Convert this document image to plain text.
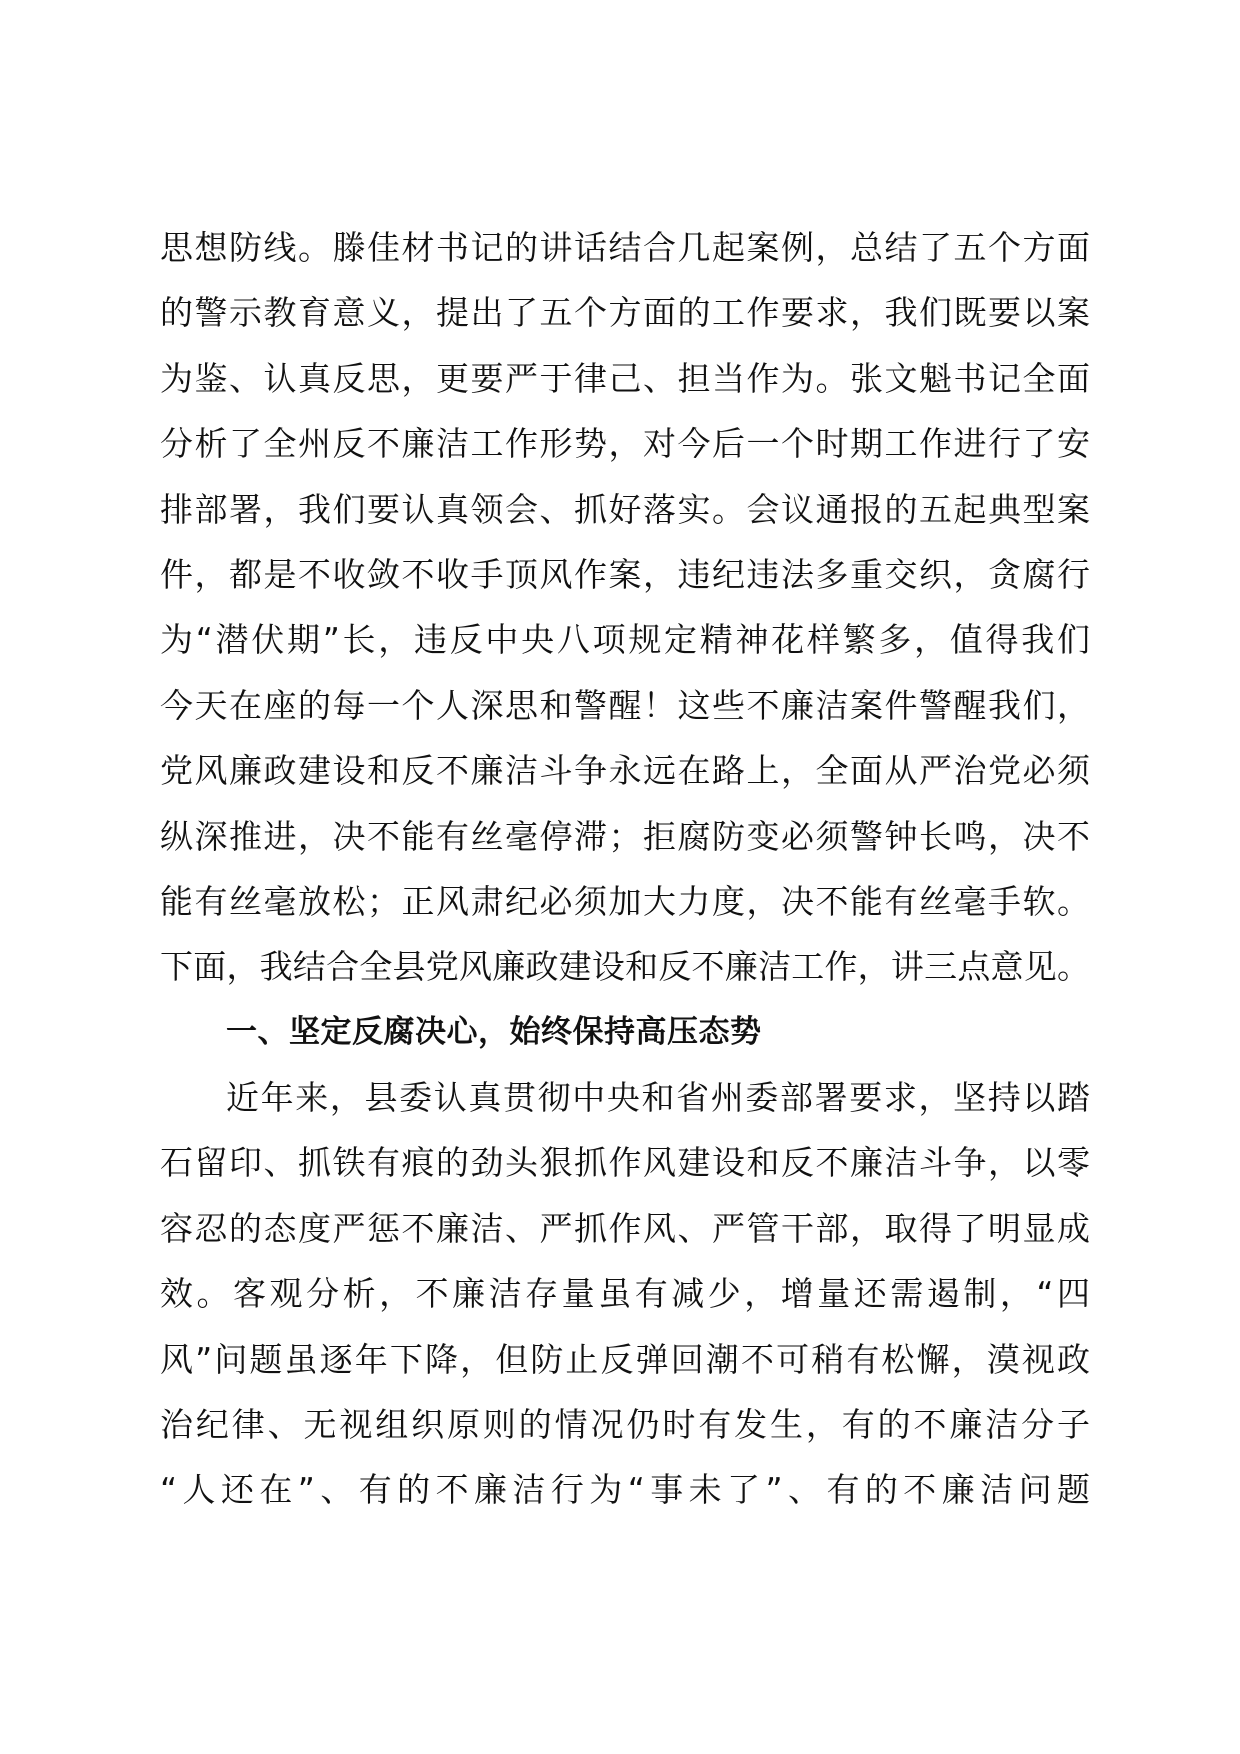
思想防线。滕佳材书记的讲话结合几起案例，总结了五个方面
的警示教育意义，提出了五个方面的工作要求，我们既要以案
为鉴、认真反思，更要严于律己、担当作为。张文魁书记全面
分析了全州反不廉洁工作形势，对今后一个时期工作进行了安
排部署，我们要认真领会、抓好落实。会议通报的五起典型案
件，都是不收敛不收手顶风作案，违纪违法多重交织，贪腐行
为“潜伏期”长，违反中央八项规定精神花样繁多，值得我们
今天在座的每一个人深思和警醒！这些不廉洁案件警醒我们，
党风廉政建设和反不廉洁斗争永远在路上，全面从严治党必须
纵深推进，决不能有丝毫停滞；拒腐防变必须警钟长鸣，决不
能有丝毫放松；正风肃纪必须加大力度，决不能有丝毫手软。
下面，我结合全县党风廉政建设和反不廉洁工作，讲三点意见。
一、坚定反腐决心，始终保持高压态势
近年来，县委认真贯彻中央和省州委部署要求，坚持以踏
石留印、抓铁有痕的劲头狠抓作风建设和反不廉洁斗争，以零
容忍的态度严惩不廉洁、严抓作风、严管干部，取得了明显成
效。客观分析，不廉洁存量虽有减少，增量还需遏制，“四
风”问题虽逐年下降，但防止反弹回潮不可稍有松懈，漠视政
治纪律、无视组织原则的情况仍时有发生，有的不廉洁分子
“人还在”、有的不廉洁行为“事未了”、有的不廉洁问题
